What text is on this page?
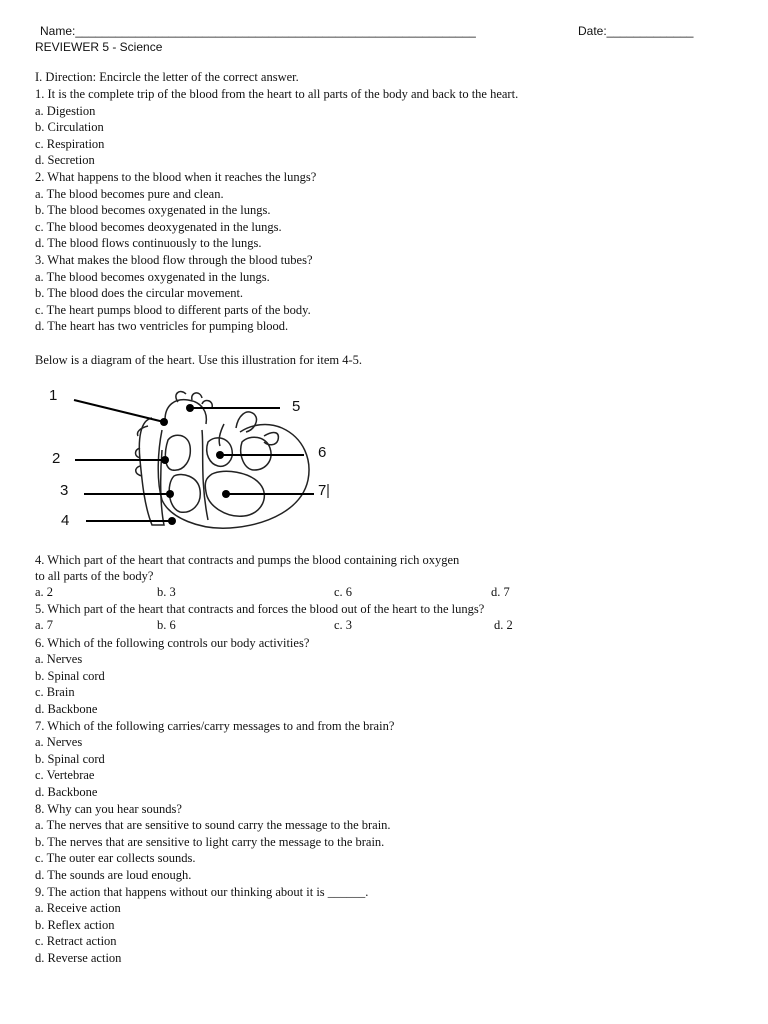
Name:____________________________________________________________	Date:_____________
REVIEWER 5 - Science
I. Direction: Encircle the letter of the correct answer.
1. It is the complete trip of the blood from the heart to all parts of the body and back to the heart.
a. Digestion
b. Circulation
c. Respiration
d. Secretion
2. What happens to the blood when it reaches the lungs?
a. The blood becomes pure and clean.
b. The blood becomes oxygenated in the lungs.
c. The blood becomes deoxygenated in the lungs.
d. The blood flows continuously to the lungs.
3. What makes the blood flow through the blood tubes?
a. The blood becomes oxygenated in the lungs.
b. The blood does the circular movement.
c. The heart pumps blood to different parts of the body.
d. The heart has two ventricles for pumping blood.
Below is a diagram of the heart. Use this illustration for item 4-5.
1
2
3
4
5
6
7
4. Which part of the heart that contracts and pumps the blood containing rich oxygen
to all parts of the body?
a. 2	b. 3	c. 6	d. 7
5. Which part of the heart that contracts and forces the blood out of the heart to the lungs?
a. 7	b. 6	c. 3	d. 2
6. Which of the following controls our body activities?
a. Nerves
b. Spinal cord
c. Brain
d. Backbone
7. Which of the following carries/carry messages to and from the brain?
a. Nerves
b. Spinal cord
c. Vertebrae
d. Backbone
8. Why can you hear sounds?
a. The nerves that are sensitive to sound carry the message to the brain.
b. The nerves that are sensitive to light carry the message to the brain.
c. The outer ear collects sounds.
d. The sounds are loud enough.
9. The action that happens without our thinking about it is ______.
a. Receive action
b. Reflex action
c. Retract action
d. Reverse action
